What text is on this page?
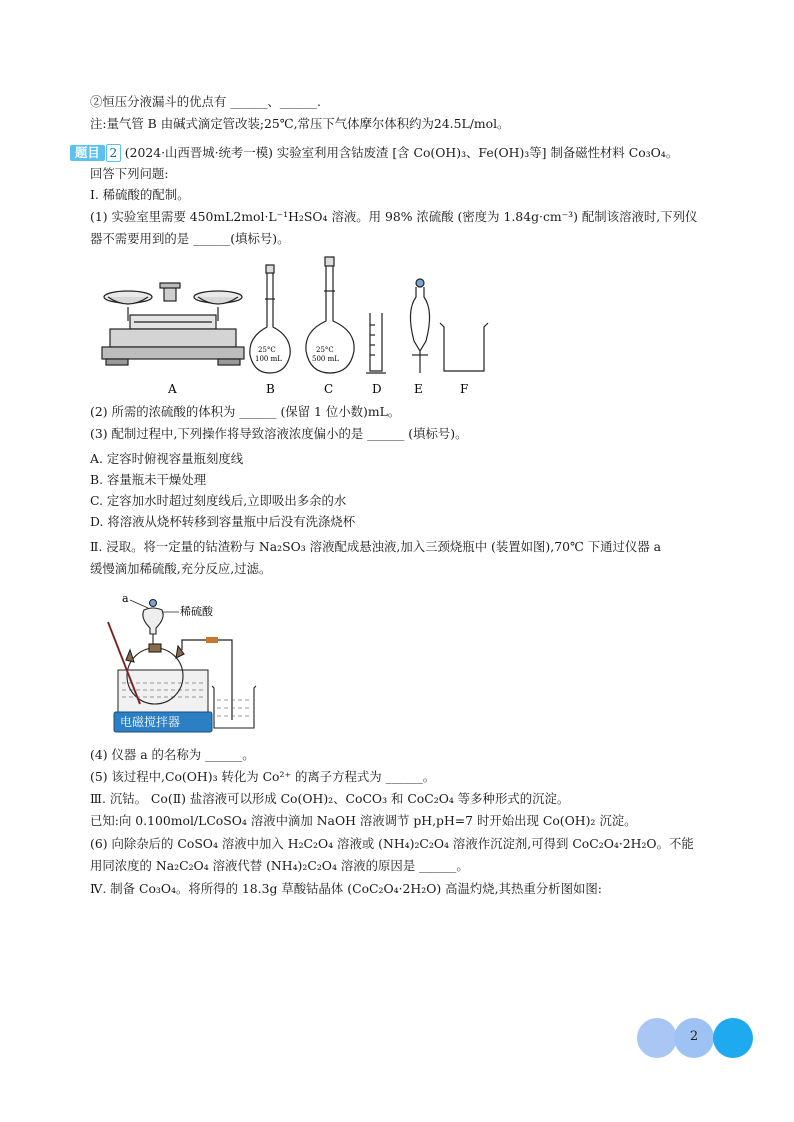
②恒压分液漏斗的优点有 ______、______.
注:量气管 B 由碱式滴定管改装;25℃,常压下气体摩尔体积约为24.5L/mol。
题目 2 (2024·山西晋城·统考一模) 实验室利用含钴废渣 [含 Co(OH)₃、Fe(OH)₃等] 制备磁性材料 Co₃O₄。
回答下列问题:
I. 稀硫酸的配制。
(1) 实验室里需要 450mL2mol·L⁻¹H₂SO₄ 溶液。用 98% 浓硫酸 (密度为 1.84g·cm⁻³) 配制该溶液时,下列仪
器不需要用到的是 ______(填标号)。
A
25°C
100 mL
B
25°C
500 mL
C	D	E	F
(2) 所需的浓硫酸的体积为 ______ (保留 1 位小数)mL。
(3) 配制过程中,下列操作将导致溶液浓度偏小的是 ______ (填标号)。
A. 定容时俯视容量瓶刻度线
B. 容量瓶未干燥处理
C. 定容加水时超过刻度线后,立即吸出多余的水
D. 将溶液从烧杯转移到容量瓶中后没有洗涤烧杯
Ⅱ. 浸取。将一定量的钴渣粉与 Na₂SO₃ 溶液配成悬浊液,加入三颈烧瓶中 (装置如图),70℃ 下通过仪器 a
缓慢滴加稀硫酸,充分反应,过滤。
a
稀硫酸
电磁搅拌器
(4) 仪器 a 的名称为 ______。
(5) 该过程中,Co(OH)₃ 转化为 Co²⁺ 的离子方程式为 ______。
Ⅲ. 沉钴。 Co(Ⅱ) 盐溶液可以形成 Co(OH)₂、CoCO₃ 和 CoC₂O₄ 等多种形式的沉淀。
已知:向 0.100mol/LCoSO₄ 溶液中滴加 NaOH 溶液调节 pH,pH=7 时开始出现 Co(OH)₂ 沉淀。
(6) 向除杂后的 CoSO₄ 溶液中加入 H₂C₂O₄ 溶液或 (NH₄)₂C₂O₄ 溶液作沉淀剂,可得到 CoC₂O₄·2H₂O。不能
用同浓度的 Na₂C₂O₄ 溶液代替 (NH₄)₂C₂O₄ 溶液的原因是 ______。
Ⅳ. 制备 Co₃O₄。将所得的 18.3g 草酸钴晶体 (CoC₂O₄·2H₂O) 高温灼烧,其热重分析图如图:
2
